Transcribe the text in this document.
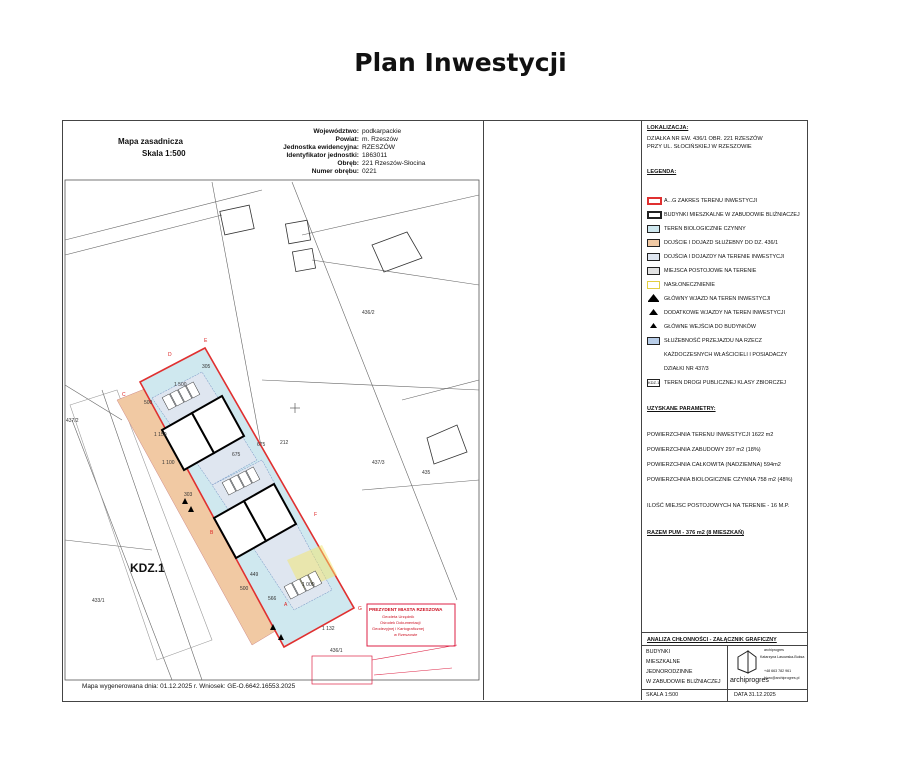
Plan Inwestycji
Mapa zasadnicza
Skala 1:500
Województwo: podkarpackie
Powiat: m. Rzeszów
Jednostka ewidencyjna: RZESZÓW
Identyfikator jednostki: 1863011
Obręb: 221 Rzeszów-Słocina
Numer obrębu: 0221
KDZ.1
A
B
C
D
E
F
G
436/2
437/3
435
436/1
433/1
437/2
1 500
305
675
675	212
1 150
1 100
449
566
500
1 000
1 132
303
500
PREZYDENT MIASTA RZESZOWA
Geodeta Urzędnik
Ośrodek Dokumentacji
Geodezyjnej i Kartograficznej
w Rzeszowie
Mapa wygenerowana dnia: 01.12.2025 r. Wniosek: GE-O.6642.16553.2025
LOKALIZACJA:
DZIAŁKA NR EW. 436/1 OBR. 221 RZESZÓW
PRZY UL. SŁOCIŃSKIEJ W RZESZOWIE
LEGENDA:
A...G ZAKRES TERENU INWESTYCJI
BUDYNKI MIESZKALNE W ZABUDOWIE BLIŹNIACZEJ
TEREN BIOLOGICZNIE CZYNNY
DOJŚCIE I DOJAZD SŁUŻEBNY DO DZ. 436/1
DOJŚCIA I DOJAZDY NA TERENIE INWESTYCJI
MIEJSCA POSTOJOWE NA TERENIE
NASŁONECZNIENIE
GŁÓWNY WJAZD NA TEREN INWESTYCJI
DODATKOWE WJAZDY NA TEREN INWESTYCJI
GŁÓWNE WEJŚCIA DO BUDYNKÓW
SŁUŻEBNOŚĆ PRZEJAZDU NA RZECZ
KAŻDOCZESNYCH WŁAŚCICIELI I POSIADACZY
DZIAŁKI NR 437/3
KDZ.1 TEREN DROGI PUBLICZNEJ KLASY ZBIORCZEJ
UZYSKANE PARAMETRY:
POWIERZCHNIA TERENU INWESTYCJI 1622 m2
POWIERZCHNIA ZABUDOWY 297 m2 (18%)
POWIERZCHNIA CAŁKOWITA (NADZIEMNA) 594m2
POWIERZCHNIA BIOLOGICZNIE CZYNNA 758 m2 (48%)
ILOŚĆ MIEJSC POSTOJOWYCH NA TERENIE - 16 M.P.
RAZEM PUM - 376 m2 (8 MIESZKAŃ)
ANALIZA CHŁONNOŚCI - ZAŁĄCZNIK GRAFICZNY
BUDYNKI
MIESZKALNE
JEDNORODZINNE
W ZABUDOWIE BLIŹNIACZEJ
SKALA 1:500
archiprogres
archiprogres
Katarzyna Lasowska-Buksa
+48 663 782 961
biuro@archiprogres.pl
DATA 31.12.2025
